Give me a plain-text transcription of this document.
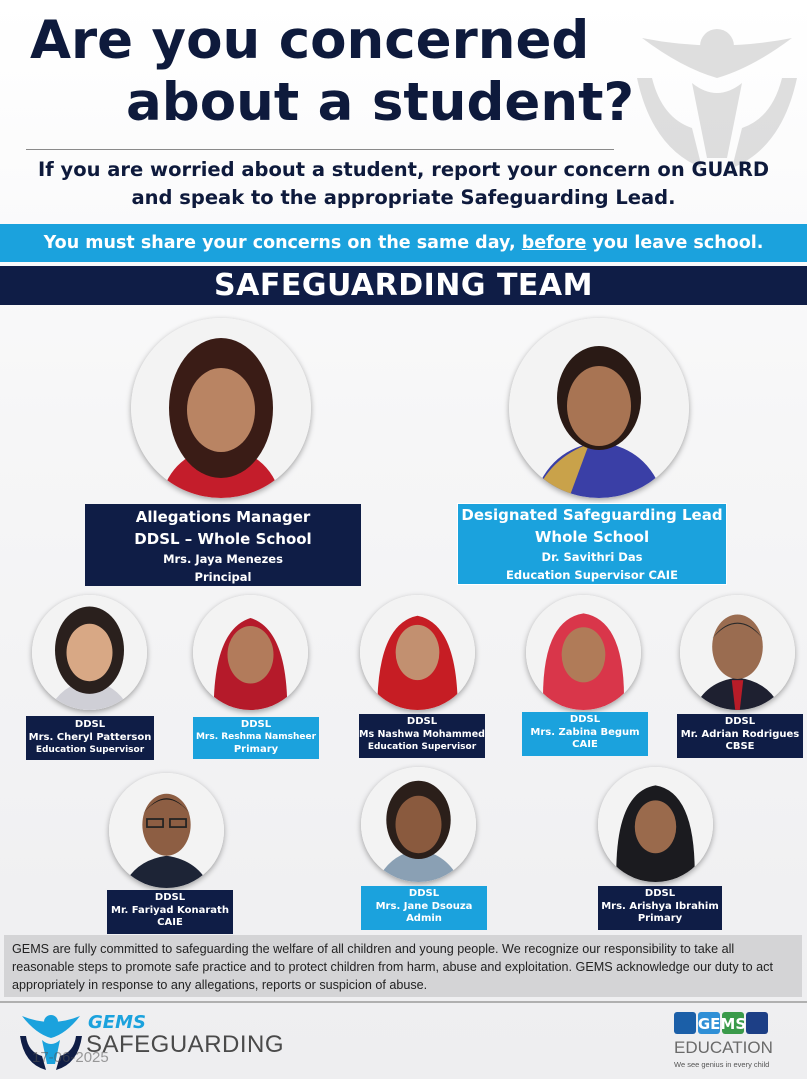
Are you concerned
about a student?
If you are worried about a student, report your concern on GUARD
and speak to the appropriate Safeguarding Lead.
You must share your concerns on the same day, before you leave school.
SAFEGUARDING TEAM
Allegations Manager
DDSL – Whole School
Mrs. Jaya Menezes
Principal
Designated Safeguarding Lead
Whole School
Dr. Savithri Das
Education Supervisor CAIE
DDSL
Mrs. Cheryl Patterson
Education Supervisor
DDSL
Mrs. Reshma Namsheer
Primary
DDSL
Ms Nashwa Mohammed
Education Supervisor
DDSL
Mrs. Zabina Begum
CAIE
DDSL
Mr. Adrian Rodrigues
CBSE
DDSL
Mr. Fariyad Konarath
CAIE
DDSL
Mrs. Jane Dsouza
Admin
DDSL
Mrs. Arishya Ibrahim
Primary
GEMS are fully committed to safeguarding the welfare of all children and young people. We recognize our responsibility to take all reasonable steps to promote safe practice and to protect children from harm, abuse and exploitation. GEMS acknowledge our duty to act appropriately in response to any allegations, reports or suspicion of abuse.
GEMS
SAFEGUARDING
17-06-2025
GEMS
EDUCATION
We see genius in every child
